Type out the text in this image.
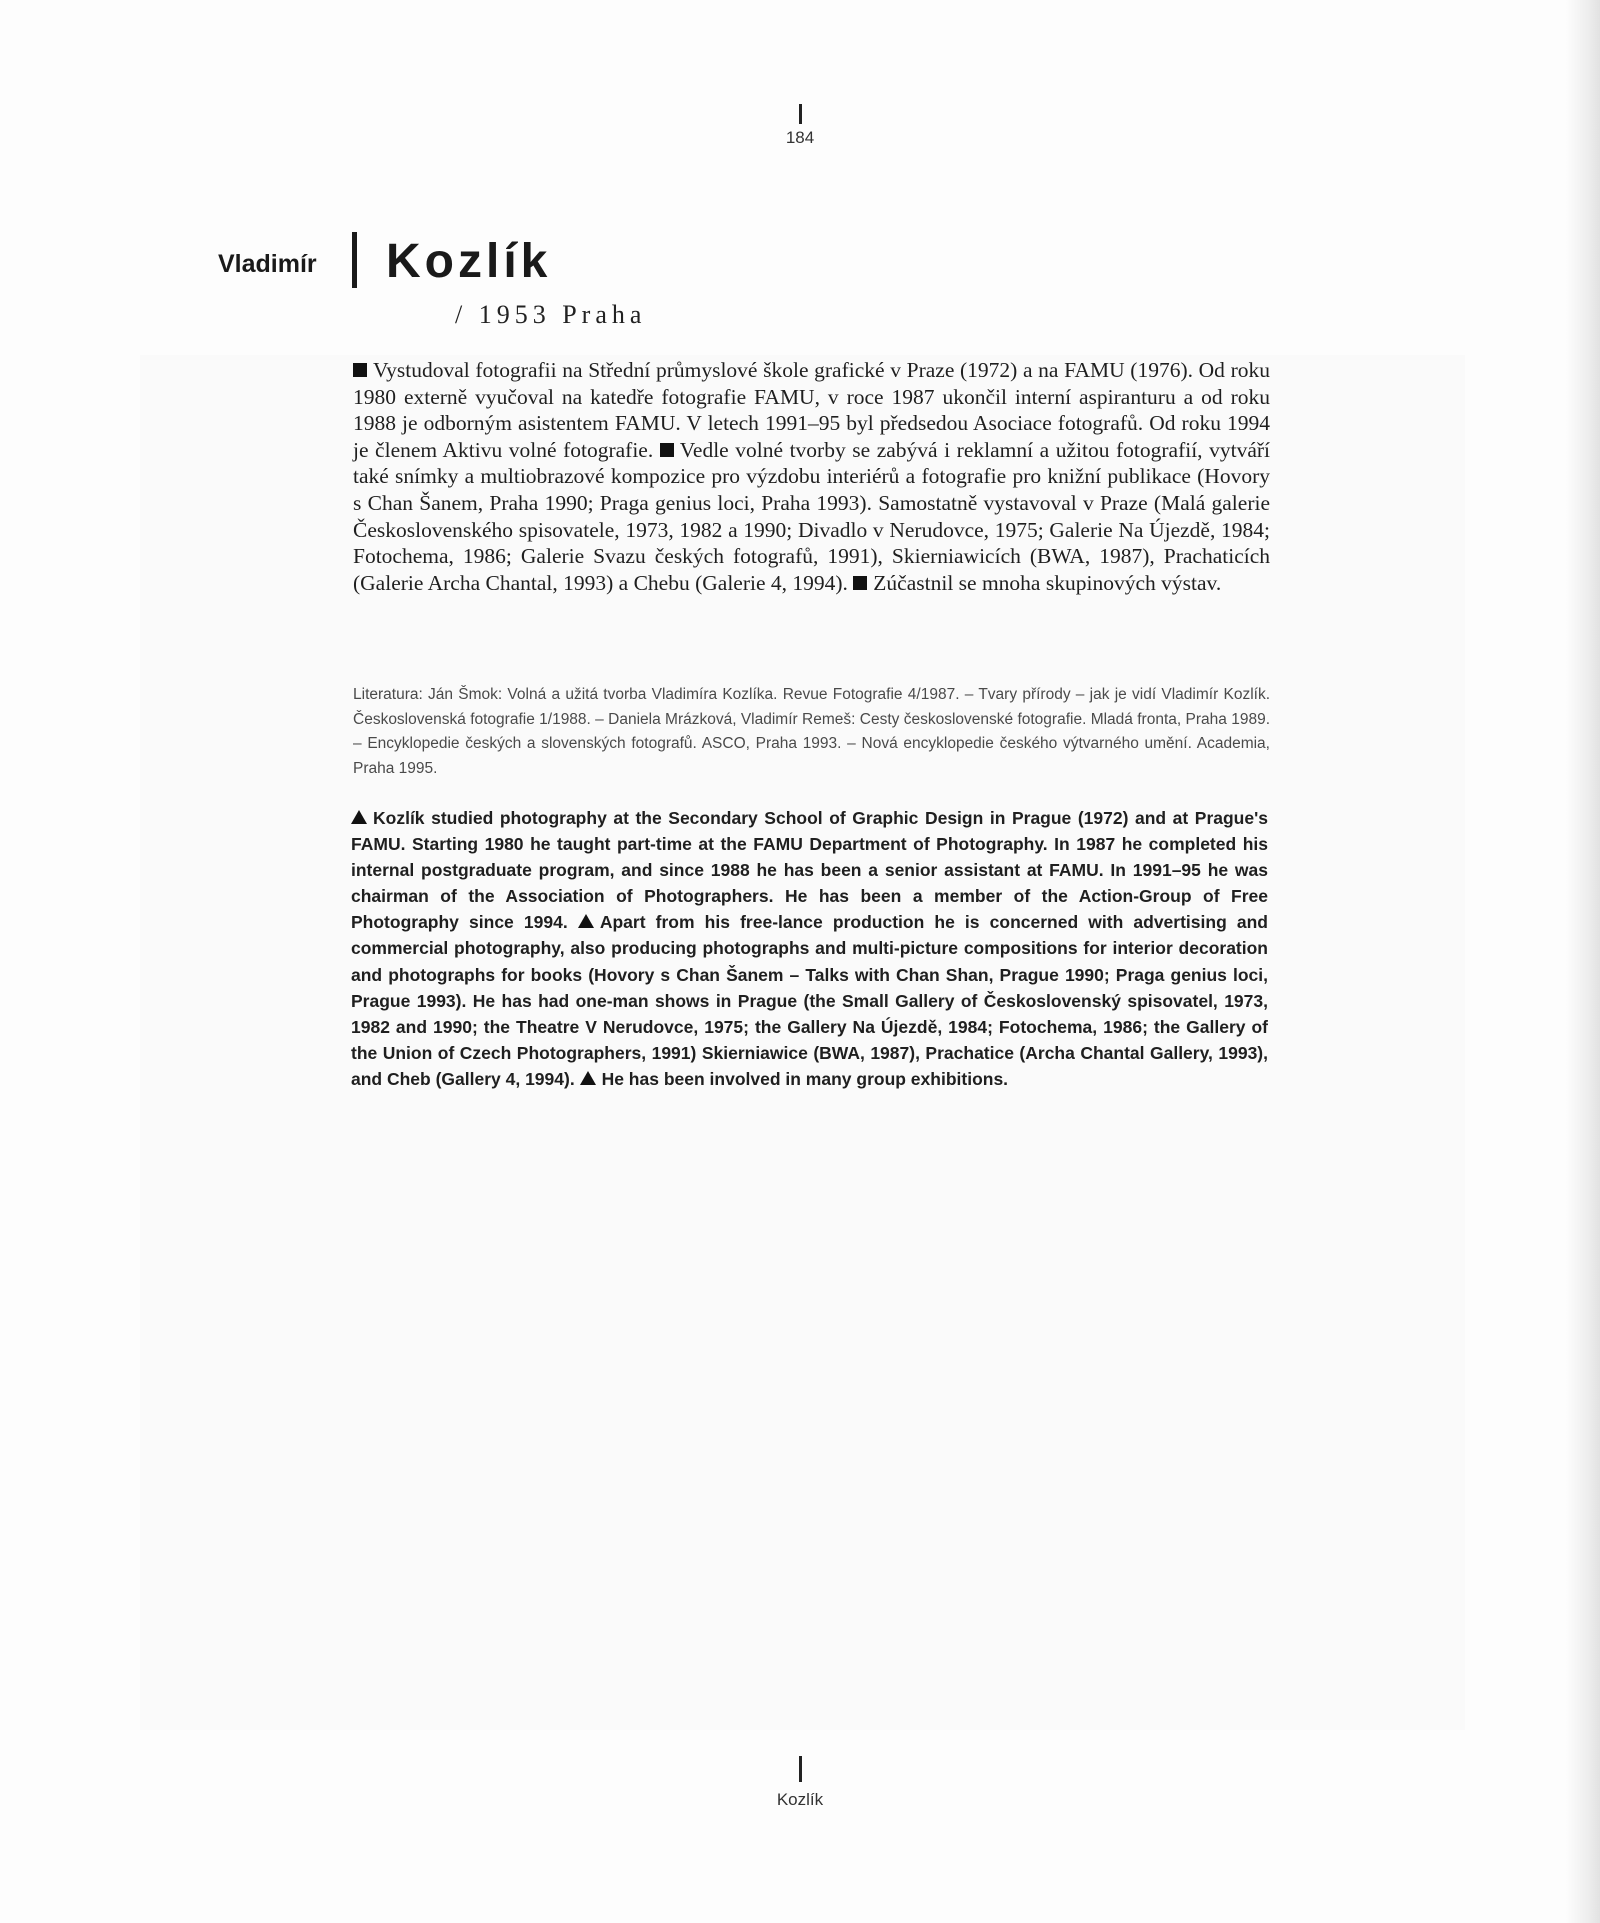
184
Vladimír Kozlík
/ 1953 Praha
Vystudoval fotografii na Střední průmyslové škole grafické v Praze (1972) a na FAMU (1976). Od roku 1980 externě vyučoval na katedře fotografie FAMU, v roce 1987 ukončil interní aspiranturu a od roku 1988 je odborným asistentem FAMU. V letech 1991–95 byl předsedou Asociace fotografů. Od roku 1994 je členem Aktivu volné fotografie. Vedle volné tvorby se zabývá i reklamní a užitou fotografií, vytváří také snímky a multiobrazové kompozice pro výzdobu interiérů a fotografie pro knižní publikace (Hovory s Chan Šanem, Praha 1990; Praga genius loci, Praha 1993). Samostatně vystavoval v Praze (Malá galerie Československého spisovatele, 1973, 1982 a 1990; Divadlo v Nerudovce, 1975; Galerie Na Újezdě, 1984; Fotochema, 1986; Galerie Svazu českých fotografů, 1991), Skierniawicích (BWA, 1987), Prachaticích (Galerie Archa Chantal, 1993) a Chebu (Galerie 4, 1994). Zúčastnil se mnoha skupinových výstav.
Literatura: Ján Šmok: Volná a užitá tvorba Vladimíra Kozlíka. Revue Fotografie 4/1987. – Tvary přírody – jak je vidí Vladimír Kozlík. Československá fotografie 1/1988. – Daniela Mrázková, Vladimír Remeš: Cesty československé fotografie. Mladá fronta, Praha 1989. – Encyklopedie českých a slovenských fotografů. ASCO, Praha 1993. – Nová encyklopedie českého výtvarného umění. Academia, Praha 1995.
Kozlík studied photography at the Secondary School of Graphic Design in Prague (1972) and at Prague's FAMU. Starting 1980 he taught part-time at the FAMU Department of Photography. In 1987 he completed his internal postgraduate program, and since 1988 he has been a senior assistant at FAMU. In 1991–95 he was chairman of the Association of Photographers. He has been a member of the Action-Group of Free Photography since 1994. Apart from his free-lance production he is concerned with advertising and commercial photography, also producing photographs and multi-picture compositions for interior decoration and photographs for books (Hovory s Chan Šanem – Talks with Chan Shan, Prague 1990; Praga genius loci, Prague 1993). He has had one-man shows in Prague (the Small Gallery of Československý spisovatel, 1973, 1982 and 1990; the Theatre V Nerudovce, 1975; the Gallery Na Újezdě, 1984; Fotochema, 1986; the Gallery of the Union of Czech Photographers, 1991) Skierniawice (BWA, 1987), Prachatice (Archa Chantal Gallery, 1993), and Cheb (Gallery 4, 1994). He has been involved in many group exhibitions.
Kozlík
